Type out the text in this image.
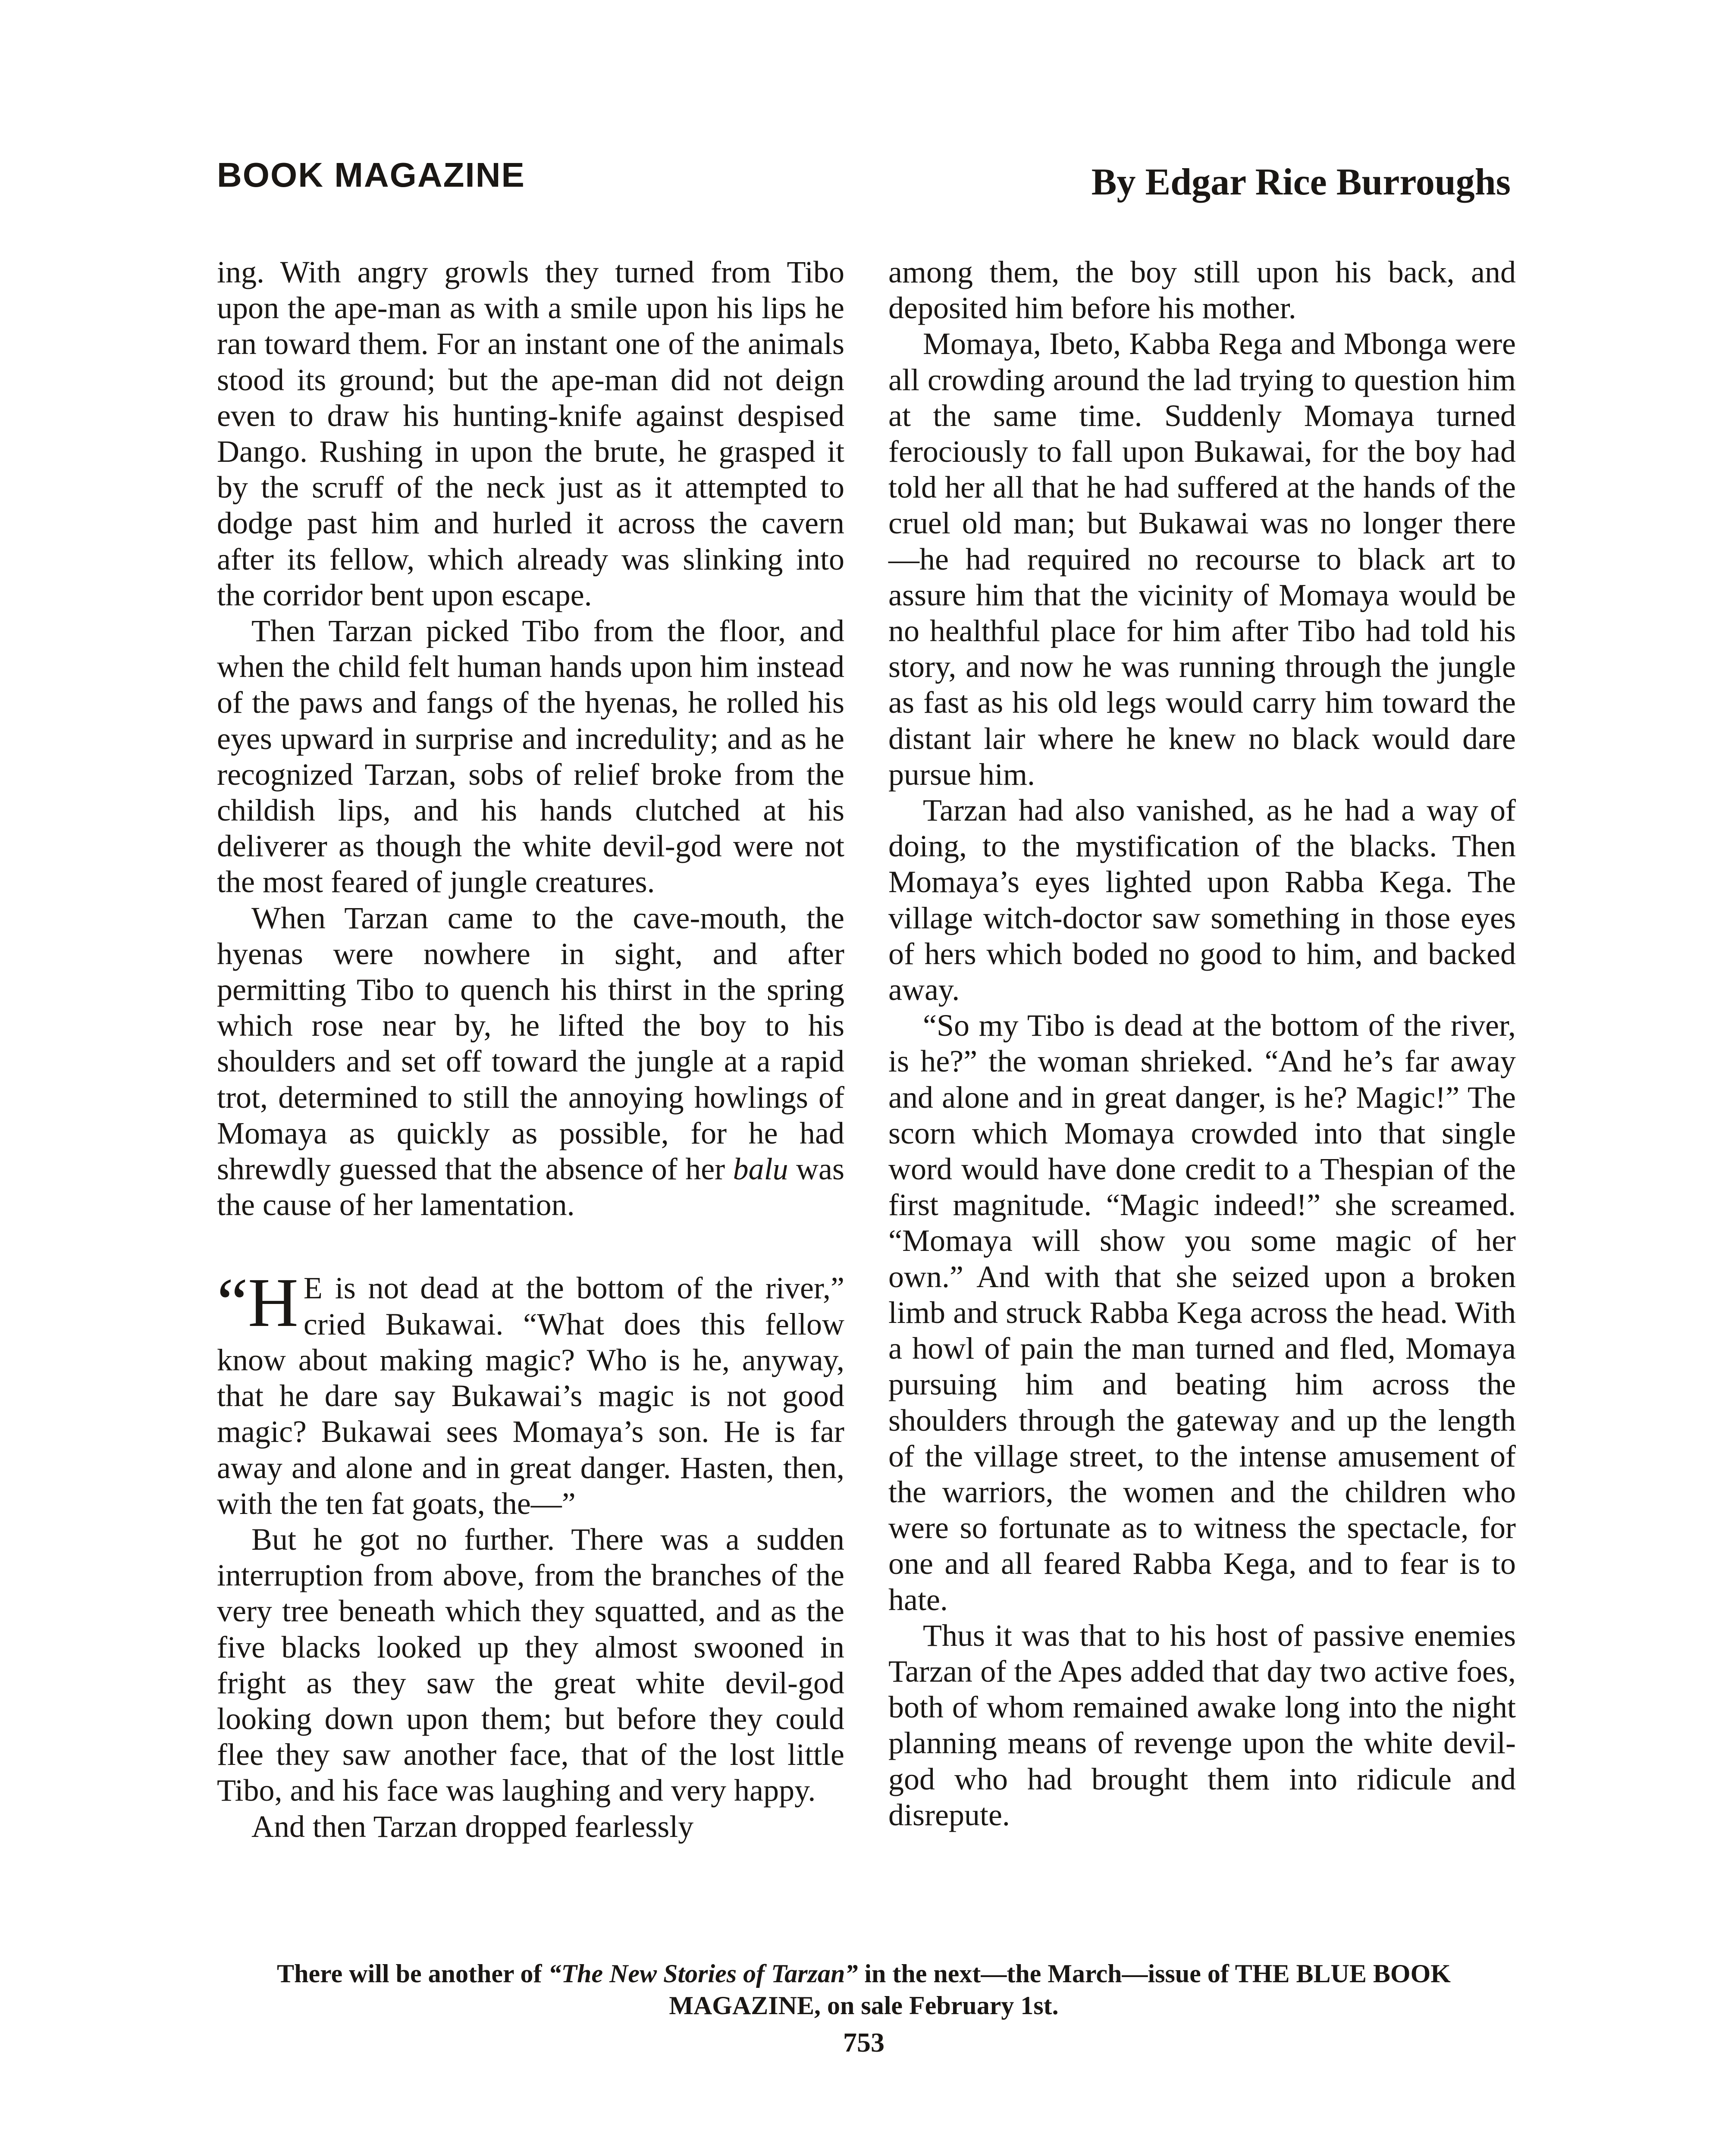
BOOK MAGAZINE	By Edgar Rice Burroughs

ing. With angry growls they turned from Tibo upon the ape-man as with a smile upon his lips he ran toward them. For an instant one of the animals stood its ground; but the ape-man did not deign even to draw his hunting-knife against despised Dango. Rushing in upon the brute, he grasped it by the scruff of the neck just as it attempted to dodge past him and hurled it across the cavern after its fellow, which already was slinking into the corridor bent upon escape.

Then Tarzan picked Tibo from the floor, and when the child felt human hands upon him instead of the paws and fangs of the hyenas, he rolled his eyes upward in surprise and incredulity; and as he recognized Tarzan, sobs of relief broke from the childish lips, and his hands clutched at his deliverer as though the white devil-god were not the most feared of jungle creatures.

When Tarzan came to the cave-mouth, the hyenas were nowhere in sight, and after permitting Tibo to quench his thirst in the spring which rose near by, he lifted the boy to his shoulders and set off toward the jungle at a rapid trot, determined to still the annoying howlings of Momaya as quickly as possible, for he had shrewdly guessed that the absence of her balu was the cause of her lamentation.

“H E is not dead at the bottom of the river,” cried Bukawai. “What does this fellow know about making magic? Who is he, anyway, that he dare say Bukawai’s magic is not good magic? Bukawai sees Momaya’s son. He is far away and alone and in great danger. Hasten, then, with the ten fat goats, the—”

But he got no further. There was a sudden interruption from above, from the branches of the very tree beneath which they squatted, and as the five blacks looked up they almost swooned in fright as they saw the great white devil-god looking down upon them; but before they could flee they saw another face, that of the lost little Tibo, and his face was laughing and very happy.

And then Tarzan dropped fearlessly

among them, the boy still upon his back, and deposited him before his mother.

Momaya, Ibeto, Kabba Rega and Mbonga were all crowding around the lad trying to question him at the same time. Suddenly Momaya turned ferociously to fall upon Bukawai, for the boy had told her all that he had suffered at the hands of the cruel old man; but Bukawai was no longer there—he had required no recourse to black art to assure him that the vicinity of Momaya would be no healthful place for him after Tibo had told his story, and now he was running through the jungle as fast as his old legs would carry him toward the distant lair where he knew no black would dare pursue him.

Tarzan had also vanished, as he had a way of doing, to the mystification of the blacks. Then Momaya’s eyes lighted upon Rabba Kega. The village witch-doctor saw something in those eyes of hers which boded no good to him, and backed away.

“So my Tibo is dead at the bottom of the river, is he?” the woman shrieked. “And he’s far away and alone and in great danger, is he? Magic!” The scorn which Momaya crowded into that single word would have done credit to a Thespian of the first magnitude. “Magic indeed!” she screamed. “Momaya will show you some magic of her own.” And with that she seized upon a broken limb and struck Rabba Kega across the head. With a howl of pain the man turned and fled, Momaya pursuing him and beating him across the shoulders through the gateway and up the length of the village street, to the intense amusement of the warriors, the women and the children who were so fortunate as to witness the spectacle, for one and all feared Rabba Kega, and to fear is to hate.

Thus it was that to his host of passive enemies Tarzan of the Apes added that day two active foes, both of whom remained awake long into the night planning means of revenge upon the white devil-god who had brought them into ridicule and disrepute.

There will be another of “The New Stories of Tarzan” in the next—the March—issue of THE BLUE BOOK MAGAZINE, on sale February 1st.
753
